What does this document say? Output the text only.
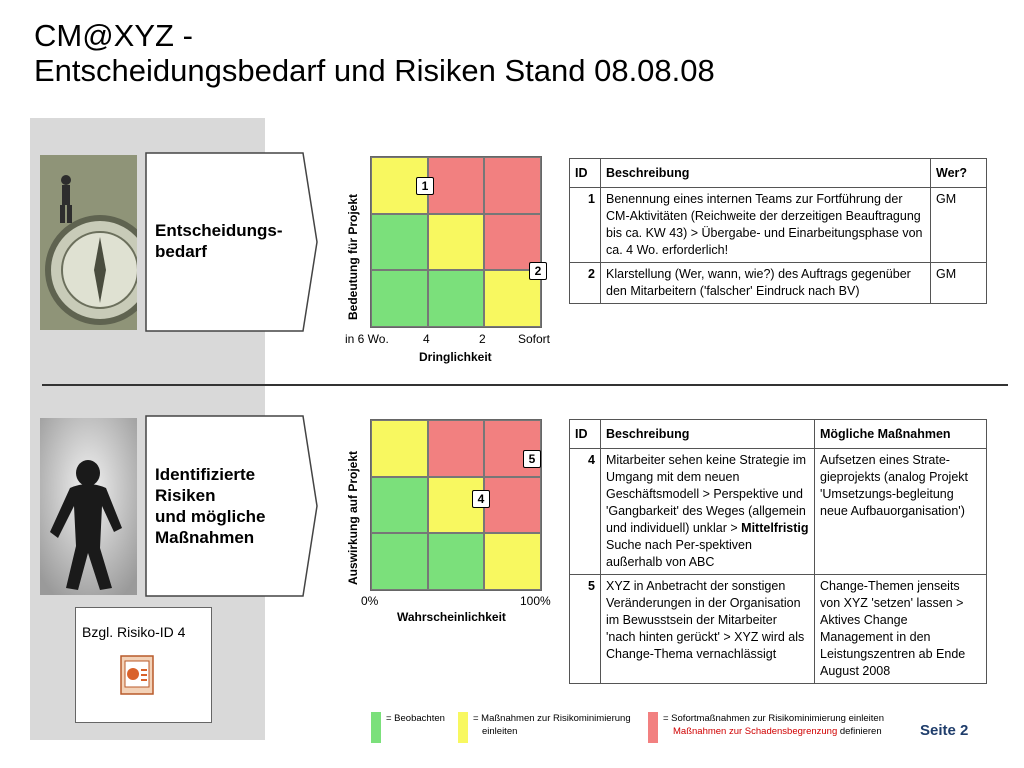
CM@XYZ -
Entscheidungsbedarf und Risiken Stand 08.08.08
Entscheidungs-
bedarf	Bedeutung für Projekt
1
2
in 6 Wo.	4	2	Sofort
Dringlichkeit
ID	Beschreibung	Wer?
1	Benennung eines internen Teams zur Fortführung der CM-Aktivitäten (Reichweite der derzeitigen Beauftragung bis ca. KW 43) > Übergabe- und Einarbeitungsphase von ca. 4 Wo. erforderlich!	GM
2	Klarstellung (Wer, wann, wie?) des Auftrags gegenüber den Mitarbeitern ('falscher' Eindruck nach BV)	GM
Identifizierte
Risiken
und mögliche
Maßnahmen
Bzgl. Risiko-ID 4
Auswirkung auf Projekt	5
4
0%	100%
Wahrscheinlichkeit
ID	Beschreibung	Mögliche Maßnahmen
4	Mitarbeiter sehen keine Strategie im Umgang mit dem neuen Geschäftsmodell > Perspektive und 'Gangbarkeit' des Weges (allgemein und individuell) unklar > Mittelfristig Suche nach Per-spektiven außerhalb von ABC	Aufsetzen eines Strate-gieprojekts (analog Projekt 'Umsetzungs-begleitung neue Aufbauorganisation')
5	XYZ in Anbetracht der sonstigen Veränderungen in der Organisation im Bewusstsein der Mitarbeiter 'nach hinten gerückt' > XYZ wird als Change-Thema vernachlässigt	Change-Themen jenseits von XYZ 'setzen' lassen > Aktives Change Management in den Leistungszentren ab Ende August 2008
= Beobachten	= Maßnahmen zur Risikominimierung
einleiten
= Sofortmaßnahmen zur Risikominimierung einleiten
Maßnahmen zur Schadensbegrenzung definieren	Seite 2
